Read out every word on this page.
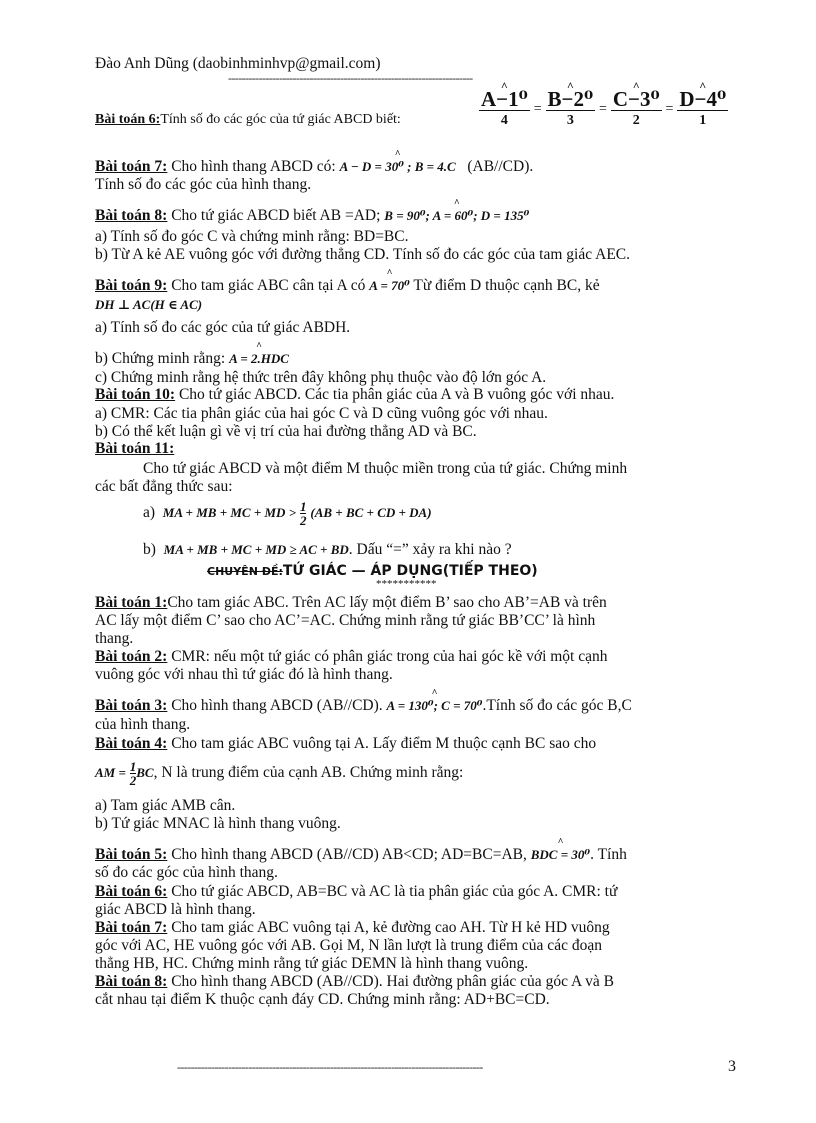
Đào Anh Dũng (daobinhminhvp@gmail.com)
------------------------------------------------------------------------
Bài toán 6:Tính số đo các góc của tứ giác ABCD biết:	^ $\frac{\text{A−1⁰}}{4}$ = ^ $\frac{\text{B−2⁰}}{3}$ = ^ $\frac{\text{C−3⁰}}{2}$ = ^ $\frac{\text{D−4⁰}}{1}$
Bài toán 7: Cho hình thang ABCD có: ^ A − D = 30⁰ ; B = 4.C (AB//CD).
Tính số đo các góc của hình thang.
Bài toán 8: Cho tứ giác ABCD biết AB =AD; ^ B = 90⁰; A = 60⁰; D = 135⁰
a) Tính số đo góc C và chứng minh rằng: BD=BC.
b) Từ A kẻ AE vuông góc với đường thẳng CD. Tính số đo các góc của tam giác AEC.
Bài toán 9: Cho tam giác ABC cân tại A có ^ A = 70⁰ Từ điểm D thuộc cạnh BC, kẻ
DH ⊥ AC(H ∈ AC)
a) Tính số đo các góc của tứ giác ABDH.
b) Chứng minh rằng: ^ A = 2.HDC
c) Chứng minh rằng hệ thức trên đây không phụ thuộc vào độ lớn góc A.
Bài toán 10: Cho tứ giác ABCD. Các tia phân giác của A và B vuông góc với nhau.
a) CMR: Các tia phân giác của hai góc C và D cũng vuông góc với nhau.
b) Có thể kết luận gì về vị trí của hai đường thẳng AD và BC.
Bài toán 11:
Cho tứ giác ABCD và một điểm M thuộc miền trong của tứ giác. Chứng minh
các bất đẳng thức sau:
a) MA + MB + MC + MD > $\frac{1}{2} (AB$ + BC + CD + DA)
b) MA + MB + MC + MD ≥ AC + BD. Dấu “=” xảy ra khi nào ?
CHUYÊN ĐỀ:TỨ GIÁC — ÁP DỤNG(TIẾP THEO)
***********
Bài toán 1:Cho tam giác ABC. Trên AC lấy một điểm B’ sao cho AB’=AB và trên
AC lấy một điểm C’ sao cho AC’=AC. Chứng minh rằng tứ giác BB’CC’ là hình
thang.
Bài toán 2: CMR: nếu một tứ giác có phân giác trong của hai góc kề với một cạnh
vuông góc với nhau thì tứ giác đó là hình thang.
Bài toán 3: Cho hình thang ABCD (AB//CD). ^ A = 130⁰; C = 70⁰.Tính số đo các góc B,C
của hình thang.
Bài toán 4: Cho tam giác ABC vuông tại A. Lấy điểm M thuộc cạnh BC sao cho
AM = $\frac{1}{2}$ BC, N là trung điểm của cạnh AB. Chứng minh rằng:
a) Tam giác AMB cân.
b) Tứ giác MNAC là hình thang vuông.
Bài toán 5: Cho hình thang ABCD (AB//CD) AB<CD; AD=BC=AB, ^ BDC = 30⁰. Tính
số đo các góc của hình thang.
Bài toán 6: Cho tứ giác ABCD, AB=BC và AC là tia phân giác của góc A. CMR: tứ
giác ABCD là hình thang.
Bài toán 7: Cho tam giác ABC vuông tại A, kẻ đường cao AH. Từ H kẻ HD vuông
góc với AC, HE vuông góc với AB. Gọi M, N lần lượt là trung điểm của các đoạn
thẳng HB, HC. Chứng minh rằng tứ giác DEMN là hình thang vuông.
Bài toán 8: Cho hình thang ABCD (AB//CD). Hai đường phân giác của góc A và B
cắt nhau tại điểm K thuộc cạnh đáy CD. Chứng minh rằng: AD+BC=CD.
------------------------------------------------------------------------------------------	3
